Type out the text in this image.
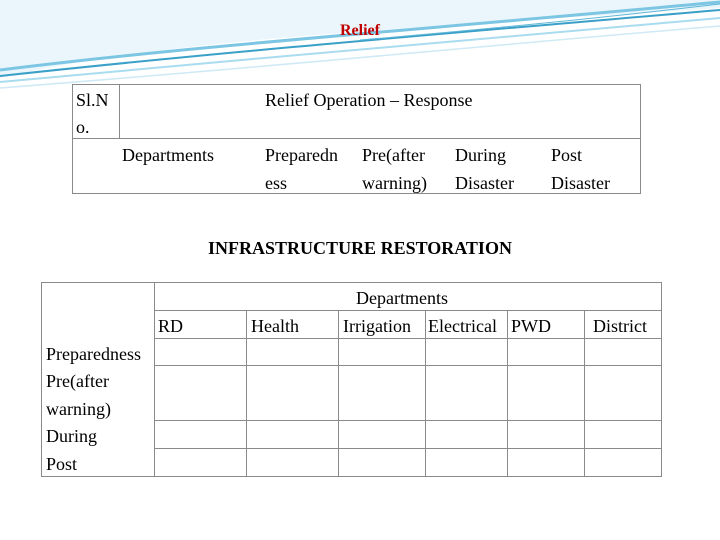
Relief
Sl.N
o.
Relief Operation – Response
Departments	Preparedn
ess
Pre(after
warning)
During
Disaster
Post
Disaster
INFRASTRUCTURE RESTORATION
Departments
RD	Health Irrigation Electrical PWD District
Preparedness
Pre(after
warning)
During
Post
